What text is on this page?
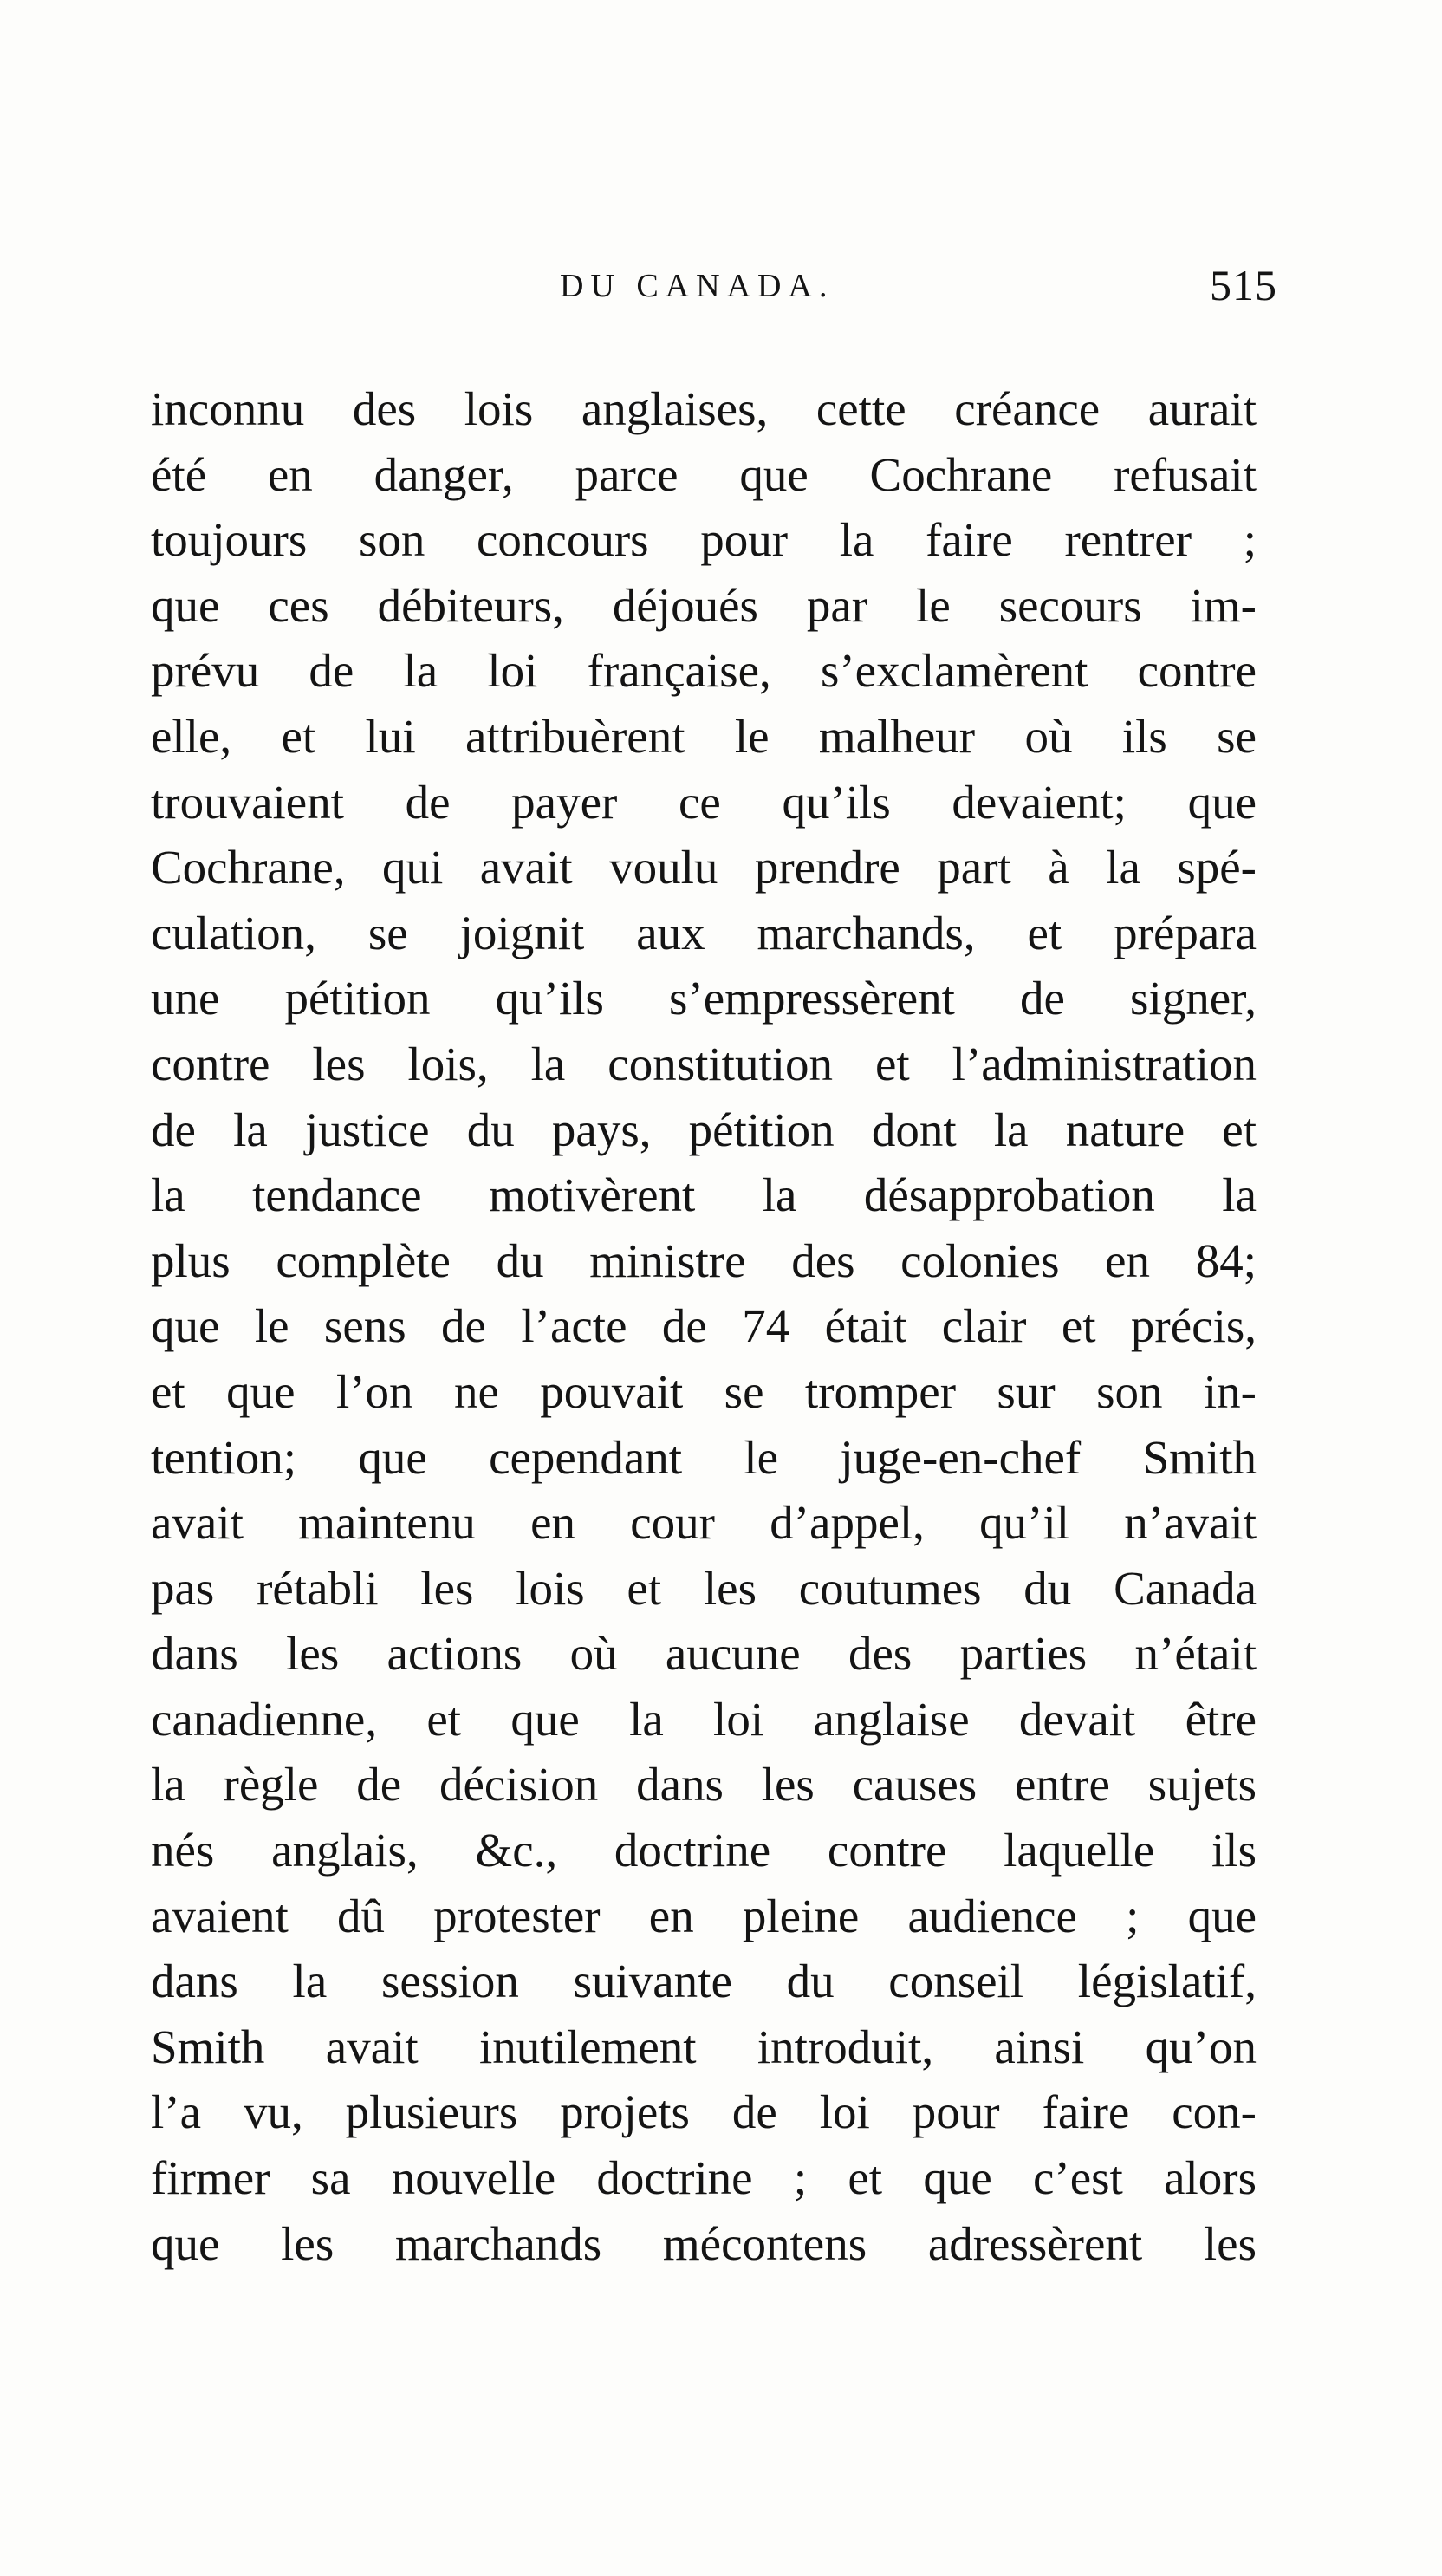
DU CANADA.	515
inconnu des lois anglaises, cette créance aurait
été en danger, parce que Cochrane refusait
toujours son concours pour la faire rentrer ;
que ces débiteurs, déjoués par le secours im-
prévu de la loi française, s’exclamèrent contre
elle, et lui attribuèrent le malheur où ils se
trouvaient de payer ce qu’ils devaient; que
Cochrane, qui avait voulu prendre part à la spé-
culation, se joignit aux marchands, et prépara
une pétition qu’ils s’empressèrent de signer,
contre les lois, la constitution et l’administration
de la justice du pays, pétition dont la nature et
la tendance motivèrent la désapprobation la
plus complète du ministre des colonies en 84;
que le sens de l’acte de 74 était clair et précis,
et que l’on ne pouvait se tromper sur son in-
tention; que cependant le juge-en-chef Smith
avait maintenu en cour d’appel, qu’il n’avait
pas rétabli les lois et les coutumes du Canada
dans les actions où aucune des parties n’était
canadienne, et que la loi anglaise devait être
la règle de décision dans les causes entre sujets
nés anglais, &c., doctrine contre laquelle ils
avaient dû protester en pleine audience ; que
dans la session suivante du conseil législatif,
Smith avait inutilement introduit, ainsi qu’on
l’a vu, plusieurs projets de loi pour faire con-
firmer sa nouvelle doctrine ; et que c’est alors
que les marchands mécontens adressèrent les
